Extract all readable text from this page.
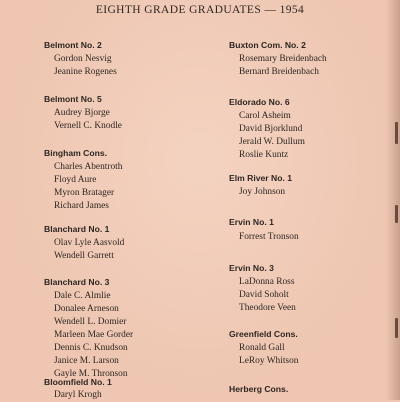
EIGHTH GRADE GRADUATES — 1954
Belmont No. 2
Gordon Nesvig
Jeanine Rogenes
Belmont No. 5
Audrey Bjorge
Vernell C. Knodle
Bingham Cons.
Charles Abentroth
Floyd Aure
Myron Bratager
Richard James
Blanchard No. 1
Olav Lyle Aasvold
Wendell Garrett
Blanchard No. 3
Dale C. Almlie
Donalee Arneson
Wendell L. Domier
Marleen Mae Gorder
Dennis C. Knudson
Janice M. Larson
Gayle M. Thronson
Bloomfield No. 1
Daryl Krogh
Buxton Com. No. 2
Rosemary Breidenbach
Bernard Breidenbach
Eldorado No. 6
Carol Asheim
David Bjorklund
Jerald W. Dullum
Roslie Kuntz
Elm River No. 1
Joy Johnson
Ervin No. 1
Forrest Tronson
Ervin No. 3
LaDonna Ross
David Soholt
Theodore Veen
Greenfield Cons.
Ronald Gall
LeRoy Whitson
Herberg Cons.
